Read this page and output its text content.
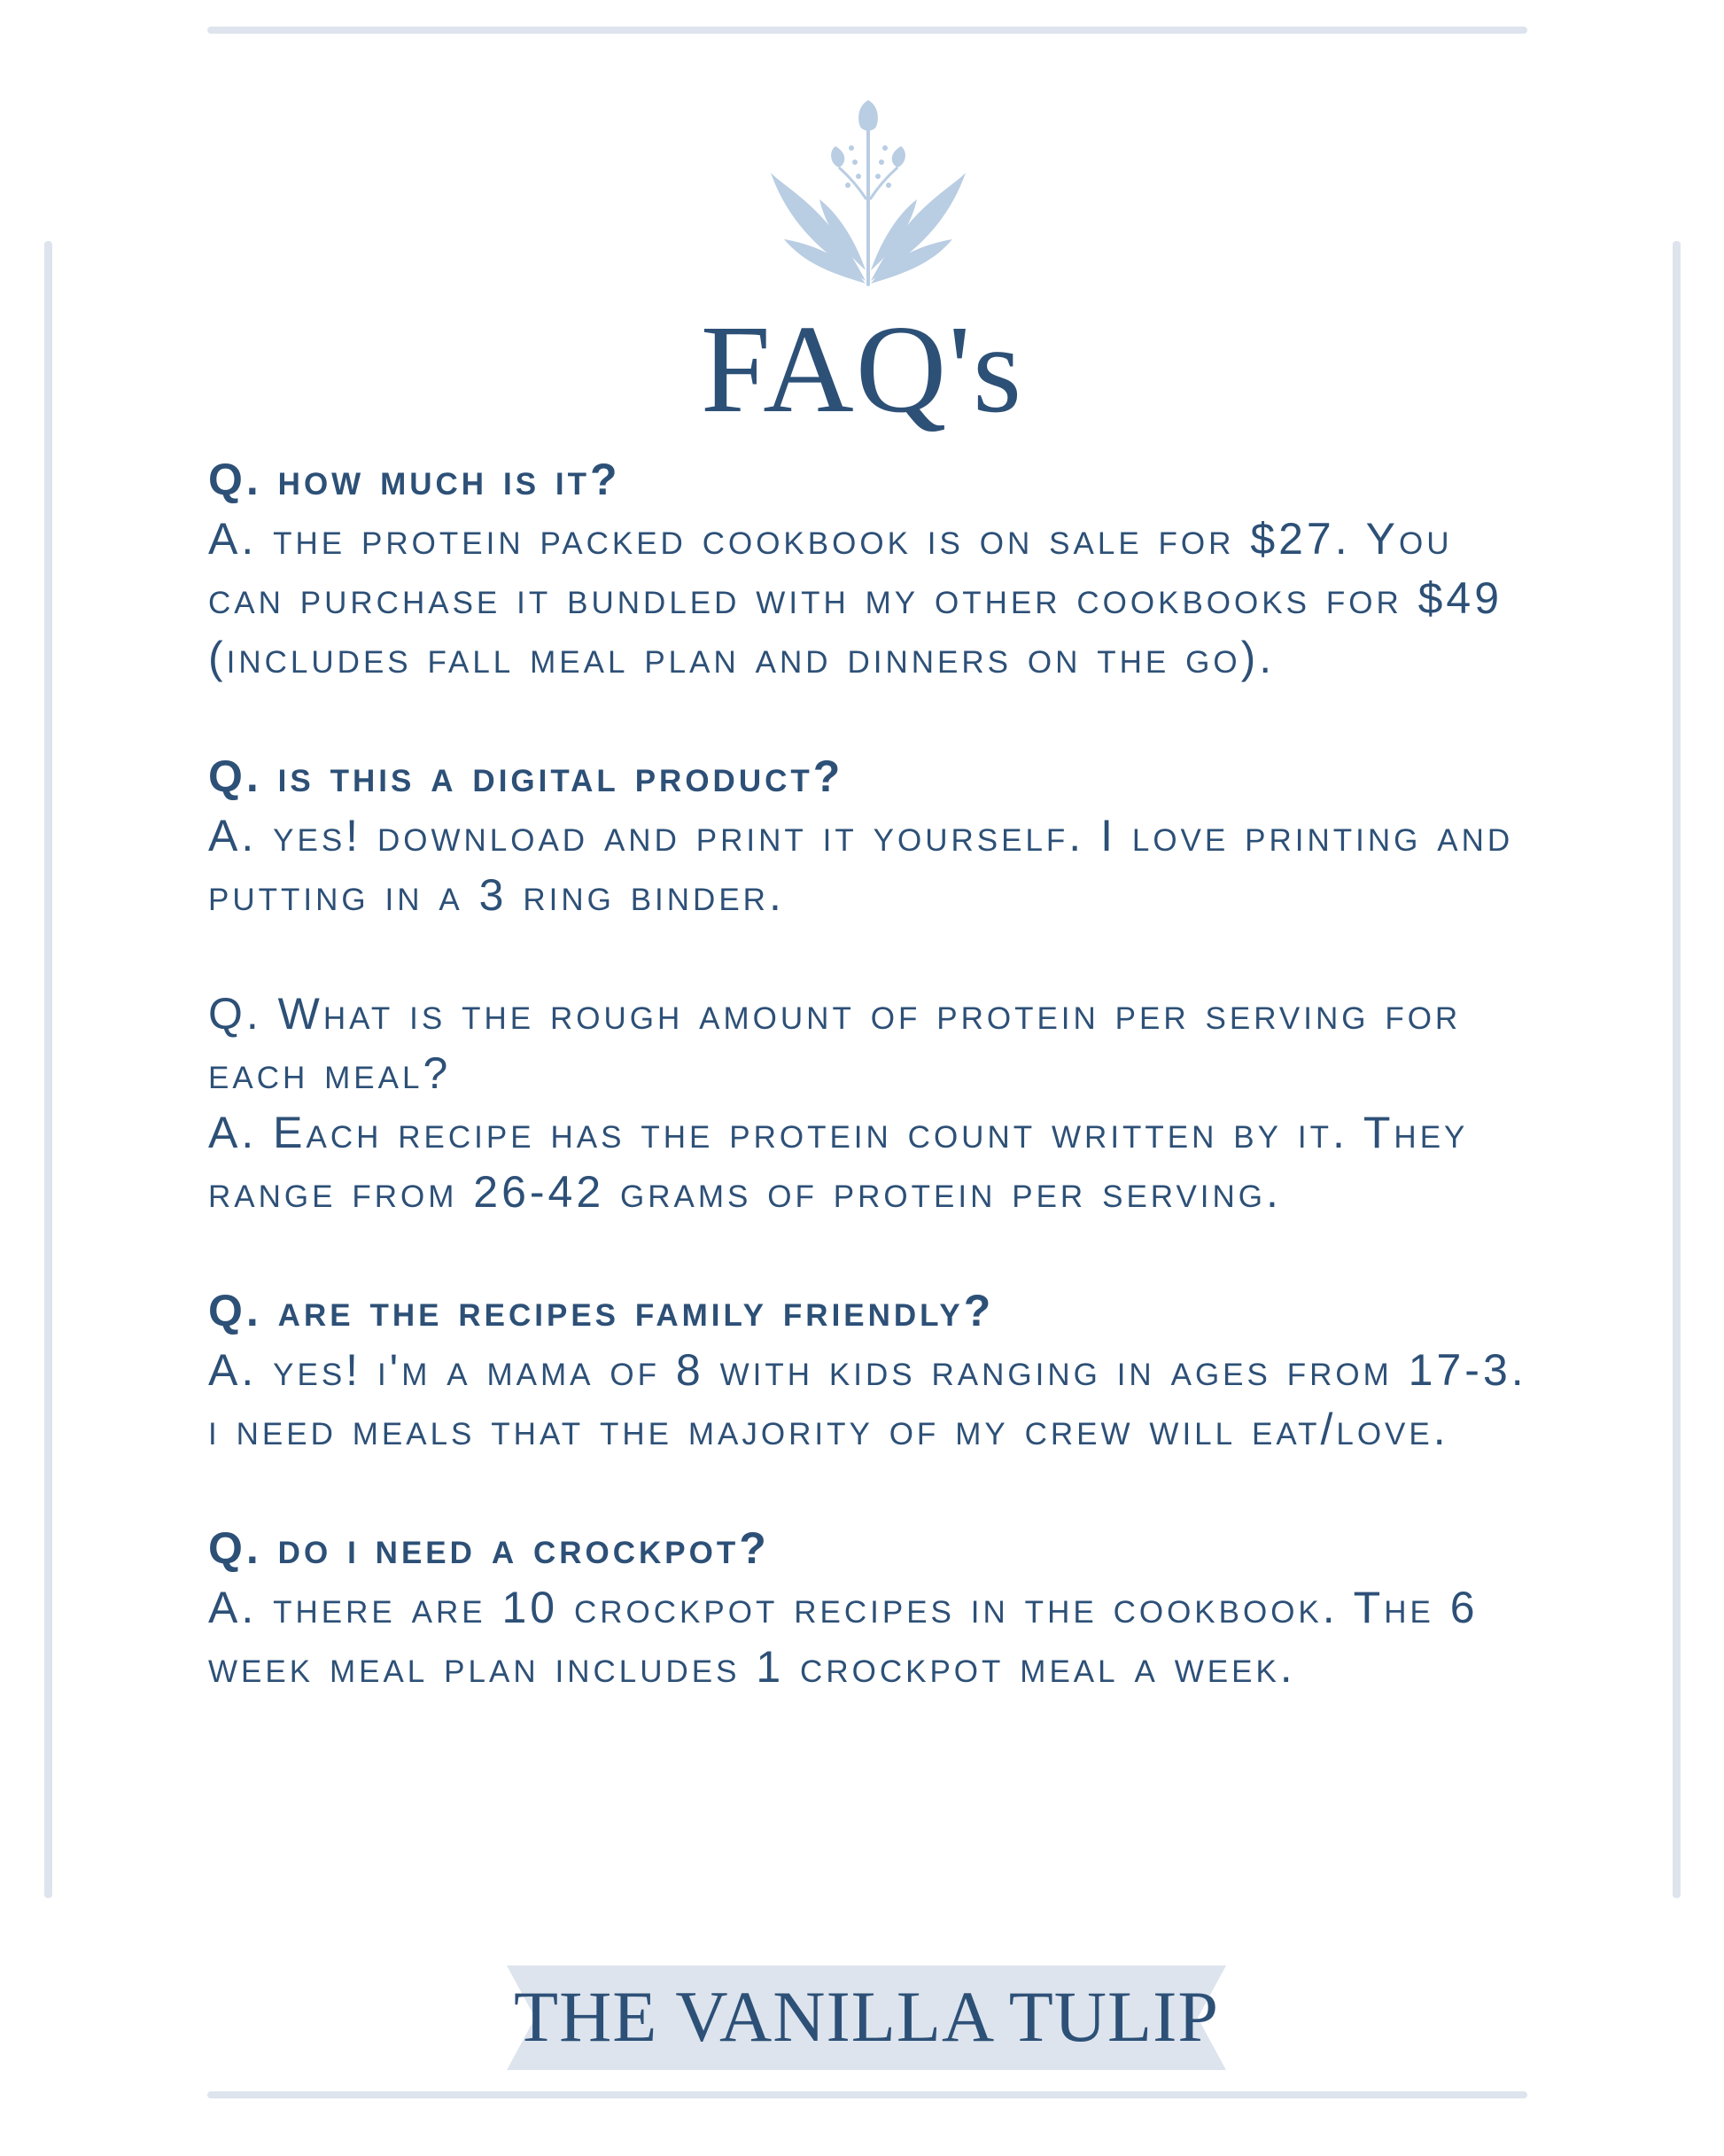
FAQ's

Q. how much is it?

A. the protein packed cookbook is on sale for $27. You can purchase it bundled with my other cookbooks for $49 (includes fall meal plan and dinners on the go).

Q. is this a digital product?

A. yes! download and print it yourself. I love printing and putting in a 3 ring binder.

Q. What is the rough amount of protein per serving for each meal?

A. Each recipe has the protein count written by it. They range from 26-42 grams of protein per serving.

Q. are the recipes family friendly?

A. yes! i'm a mama of 8 with kids ranging in ages from 17-3. i need meals that the majority of my crew will eat/love.

Q. do i need a crockpot?

A. there are 10 crockpot recipes in the cookbook. The 6 week meal plan includes 1 crockpot meal a week.

THE VANILLA TULIP
